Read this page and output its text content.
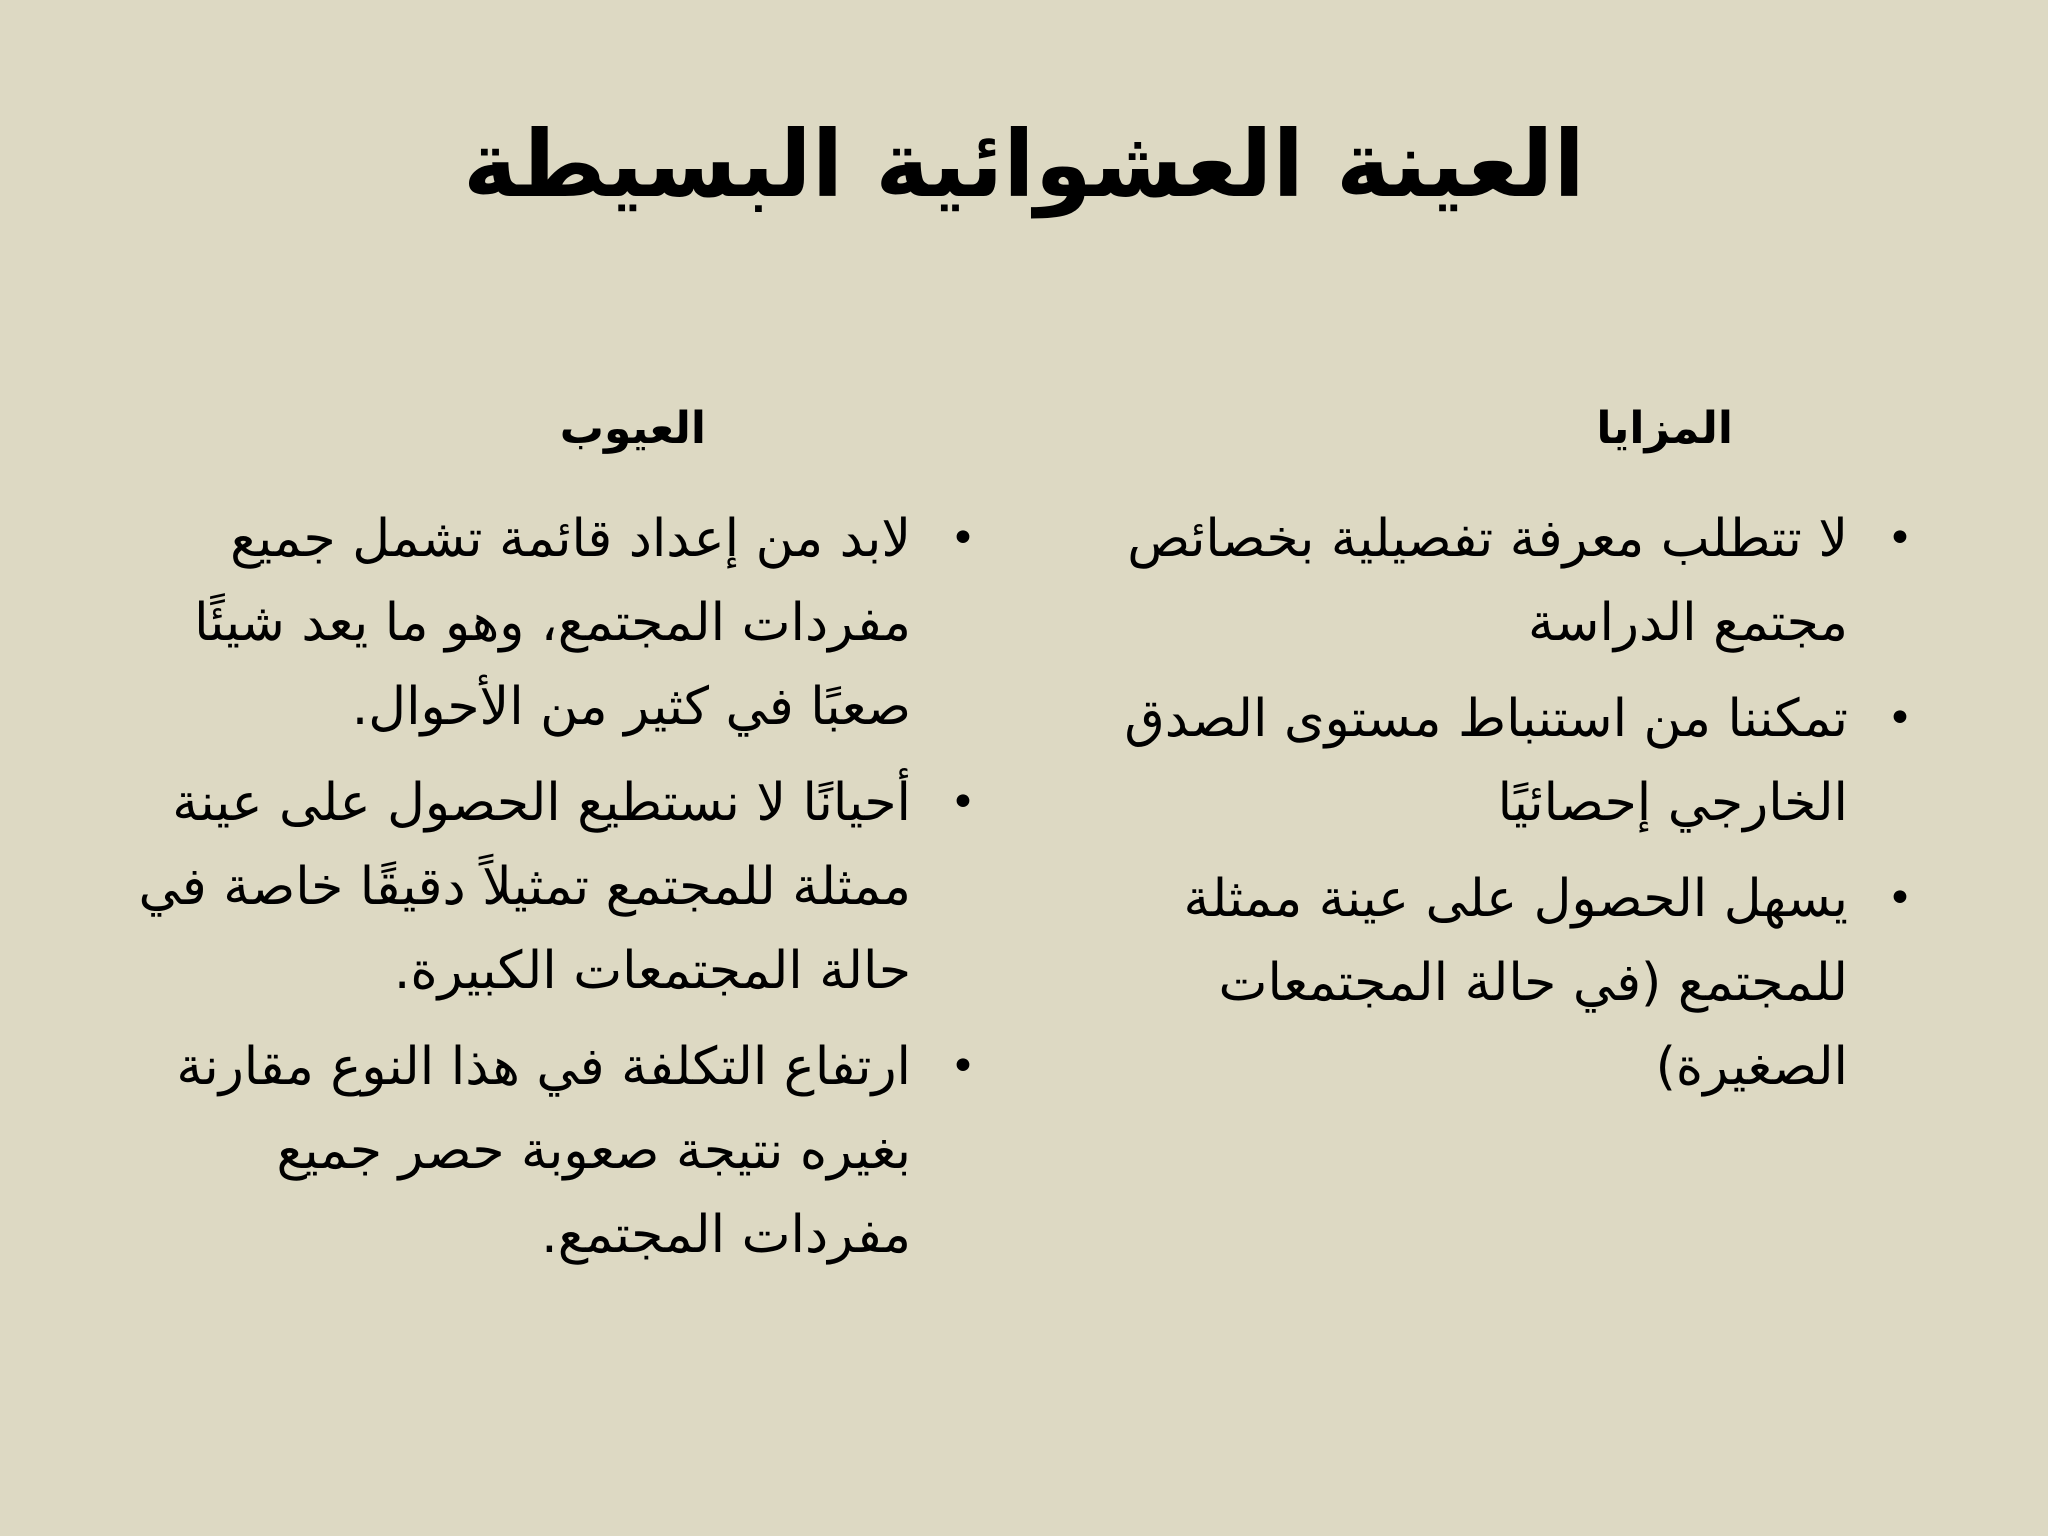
العينة العشوائية البسيطة
المزايا
•
لا تتطلب معرفة تفصيلية بخصائص مجتمع الدراسة
•
تمكننا من استنباط مستوى الصدق الخارجي إحصائيًا
•
يسهل الحصول على عينة ممثلة للمجتمع (في حالة المجتمعات الصغيرة)
العيوب
•
لابد من إعداد قائمة تشمل جميع مفردات المجتمع، وهو ما يعد شيئًا صعبًا في كثير من الأحوال.
•
أحيانًا لا نستطيع الحصول على عينة ممثلة للمجتمع تمثيلاً دقيقًا خاصة في حالة المجتمعات الكبيرة.
•
ارتفاع التكلفة في هذا النوع مقارنة بغيره نتيجة صعوبة حصر جميع مفردات المجتمع.
